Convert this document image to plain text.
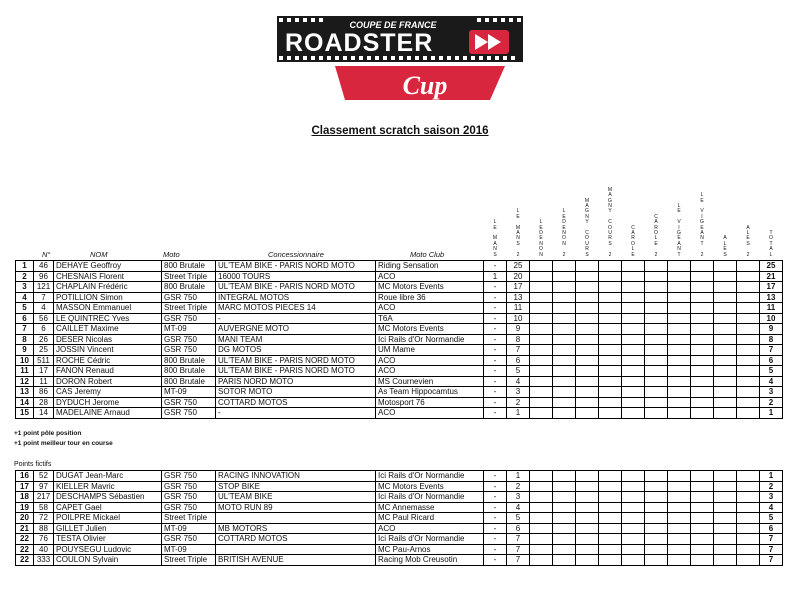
COUPE DE FRANCE
ROADSTER
Cup
Classement scratch saison 2016
L
E

M
A
N
S
L
E

M
A
N
S

2
L
E
D
E
N
O
N
L
E
D
E
N
O
N

2
M
A
G
N
Y

C
O
U
R
S
M
A
G
N
Y

C
O
U
R
S

2
C
A
R
O
L
E
C
A
R
O
L
E

2
L
E

V
I
G
E
A
N
T
L
E

V
I
G
E
A
N
T

2
A
L
E
S
A
L
E
S

2
T
O
T
A
L
N°	NOM	Moto	Concessionnaire	Moto Club
1	46	DEHAYE Geoffroy	800 Brutale	UL'TEAM BIKE - PARIS NORD MOTO	Riding Sensation	-	25											25
2	96	CHESNAIS Florent	Street Triple	16000 TOURS	ACO	1	20											21
3	121	CHAPLAIN Frédéric	800 Brutale	UL'TEAM BIKE - PARIS NORD MOTO	MC Motors Events	-	17											17
4	7	POTILLION Simon	GSR 750	INTEGRAL MOTOS	Roue libre 36	-	13											13
5	4	MASSON Emmanuel	Street Triple	MARC MOTOS PIECES 14	ACO	-	11											11
6	56	LE QUINTREC Yves	GSR 750	-	T6A	-	10											10
7	6	CAILLET Maxime	MT-09	AUVERGNE MOTO	MC Motors Events	-	9											9
8	26	DESER Nicolas	GSR 750	MANI TEAM	Ici Rails d'Or Normandie	-	8											8
9	25	JOSSIN Vincent	GSR 750	DG MOTOS	UM Mame	-	7											7
10	511	ROCHE Cédric	800 Brutale	UL'TEAM BIKE - PARIS NORD MOTO	ACO	-	6											6
11	17	FANON Renaud	800 Brutale	UL'TEAM BIKE - PARIS NORD MOTO	ACO	-	5											5
12	11	DORON Robert	800 Brutale	PARIS NORD MOTO	MS Cournevien	-	4											4
13	86	CAS Jeremy	MT-09	SOTOR MOTO	As Team Hippocamtus	-	3											3
14	28	DYDUCH Jerome	GSR 750	COTTARD MOTOS	Motosport 76	-	2											2
15	14	MADELAINE Arnaud	GSR 750	-	ACO	-	1											1
+1 point pôle position
+1 point meilleur tour en course
Points fictifs
16	52	DUGAT Jean-Marc	GSR 750	RACING INNOVATION	Ici Rails d'Or Normandie	-	1											1
17	97	KIELLER Mavric	GSR 750	STOP BIKE	MC Motors Events	-	2											2
18	217	DESCHAMPS Sébastien	GSR 750	UL'TEAM BIKE	Ici Rails d'Or Normandie	-	3											3
19	58	CAPET Gael	GSR 750	MOTO RUN 89	MC Annemasse	-	4											4
20	72	POILPRE Mickael	Street Triple		MC Paul Ricard	-	5											5
21	88	GILLET Julien	MT-09	MB MOTORS	ACO	-	6											6
22	76	TESTA Olivier	GSR 750	COTTARD MOTOS	Ici Rails d'Or Normandie	-	7											7
22	40	POUYSEGU Ludovic	MT-09		MC Pau-Arnos	-	7											7
22	333	COULON Sylvain	Street Triple	BRITISH AVENUE	Racing Mob Creusotin	-	7											7
